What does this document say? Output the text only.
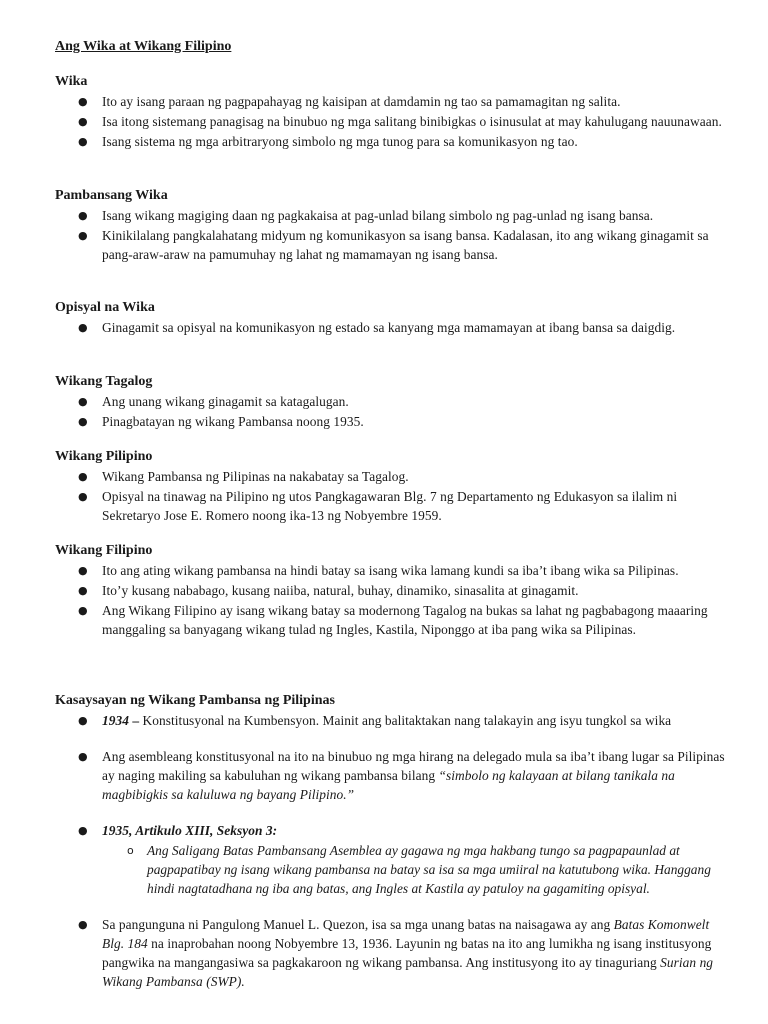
Ang Wika at Wikang Filipino
Wika
● Ito ay isang paraan ng pagpapahayag ng kaisipan at damdamin ng tao sa pamamagitan ng salita.
● Isa itong sistemang panagisag na binubuo ng mga salitang binibigkas o isinusulat at may kahulugang nauunawaan.
● Isang sistema ng mga arbitraryong simbolo ng mga tunog para sa komunikasyon ng tao.
Pambansang Wika
● Isang wikang magiging daan ng pagkakaisa at pag-unlad bilang simbolo ng pag-unlad ng isang bansa.
● Kinikilalang pangkalahatang midyum ng komunikasyon sa isang bansa. Kadalasan, ito ang wikang ginagamit sa pang-araw-araw na pamumuhay ng lahat ng mamamayan ng isang bansa.
Opisyal na Wika
● Ginagamit sa opisyal na komunikasyon ng estado sa kanyang mga mamamayan at ibang bansa sa daigdig.
Wikang Tagalog
● Ang unang wikang ginagamit sa katagalugan.
● Pinagbatayan ng wikang Pambansa noong 1935.
Wikang Pilipino
● Wikang Pambansa ng Pilipinas na nakabatay sa Tagalog.
● Opisyal na tinawag na Pilipino ng utos Pangkagawaran Blg. 7 ng Departamento ng Edukasyon sa ilalim ni Sekretaryo Jose E. Romero noong ika-13 ng Nobyembre 1959.
Wikang Filipino
● Ito ang ating wikang pambansa na hindi batay sa isang wika lamang kundi sa iba’t ibang wika sa Pilipinas.
● Ito’y kusang nababago, kusang naiiba, natural, buhay, dinamiko, sinasalita at ginagamit.
● Ang Wikang Filipino ay isang wikang batay sa modernong Tagalog na bukas sa lahat ng pagbabagong maaaring manggaling sa banyagang wikang tulad ng Ingles, Kastila, Niponggo at iba pang wika sa Pilipinas.
Kasaysayan ng Wikang Pambansa ng Pilipinas
● 1934 – Konstitusyonal na Kumbensyon. Mainit ang balitaktakan nang talakayin ang isyu tungkol sa wika
● Ang asembleang konstitusyonal na ito na binubuo ng mga hirang na delegado mula sa iba’t ibang lugar sa Pilipinas ay naging makiling sa kabuluhan ng wikang pambansa bilang “simbolo ng kalayaan at bilang tanikala na magbibigkis sa kaluluwa ng bayang Pilipino.”
● 1935, Artikulo XIII, Seksyon 3:
o Ang Saligang Batas Pambansang Asemblea ay gagawa ng mga hakbang tungo sa pagpapaunlad at pagpapatibay ng isang wikang pambansa na batay sa isa sa mga umiiral na katutubong wika. Hanggang hindi nagtatadhana ng iba ang batas, ang Ingles at Kastila ay patuloy na gagamiting opisyal.
● Sa pangunguna ni Pangulong Manuel L. Quezon, isa sa mga unang batas na naisagawa ay ang Batas Komonwelt Blg. 184 na inaprobahan noong Nobyembre 13, 1936. Layunin ng batas na ito ang lumikha ng isang institusyong pangwika na mangangasiwa sa pagkakaroon ng wikang pambansa. Ang institusyong ito ay tinaguriang Surian ng Wikang Pambansa (SWP).
